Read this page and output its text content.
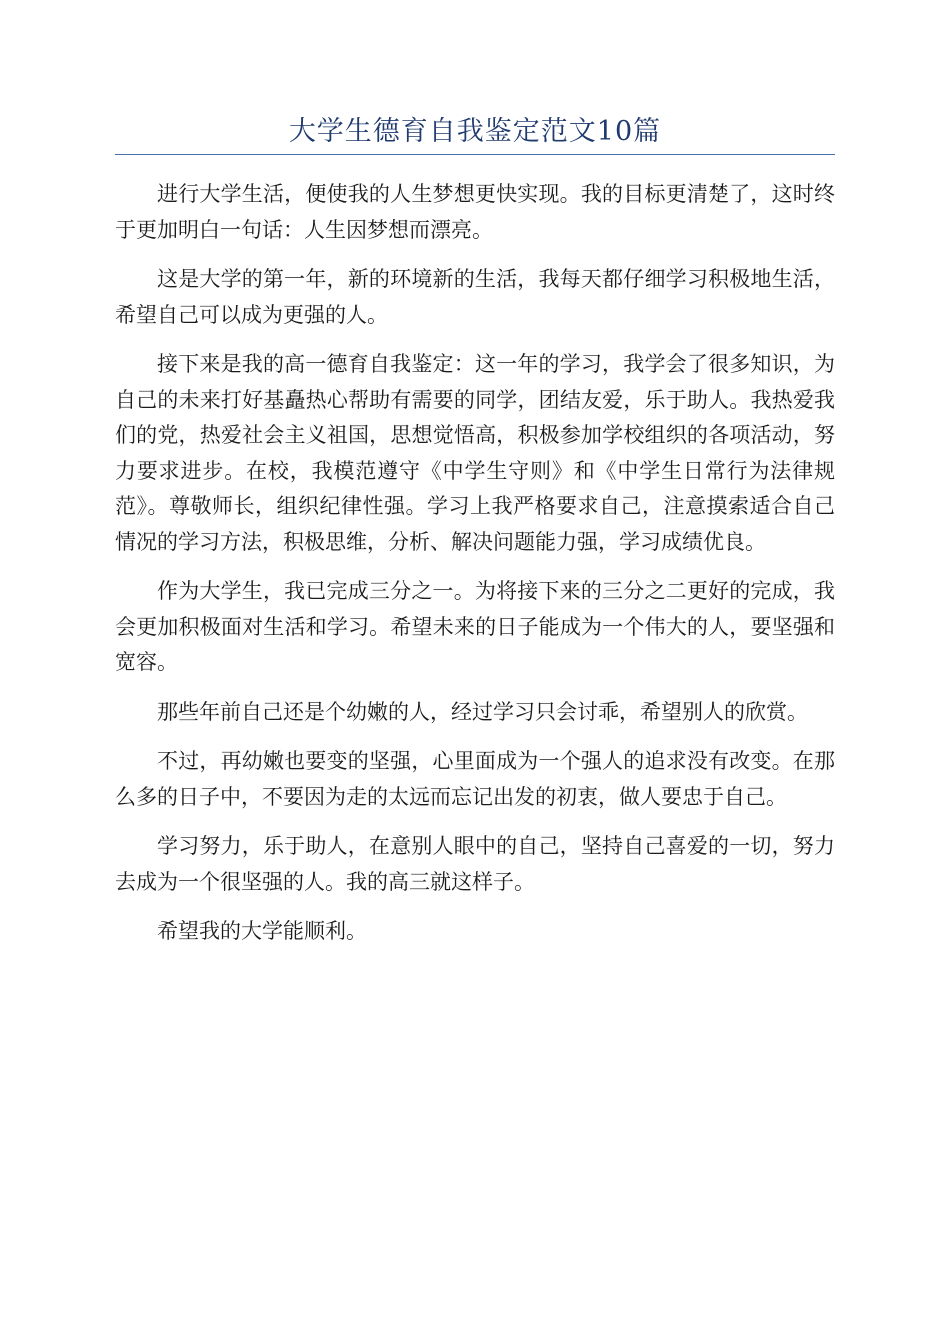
大学生德育自我鉴定范文10篇

进行大学生活，便使我的人生梦想更快实现。我的目标更清楚了，这时终于更加明白一句话：人生因梦想而漂亮。

这是大学的第一年，新的环境新的生活，我每天都仔细学习积极地生活，希望自己可以成为更强的人。

接下来是我的高一德育自我鉴定：这一年的学习，我学会了很多知识，为自己的未来打好基矗热心帮助有需要的同学，团结友爱，乐于助人。我热爱我们的党，热爱社会主义祖国，思想觉悟高，积极参加学校组织的各项活动，努力要求进步。在校，我模范遵守《中学生守则》和《中学生日常行为法律规范》。尊敬师长，组织纪律性强。学习上我严格要求自己，注意摸索适合自己情况的学习方法，积极思维，分析、解决问题能力强，学习成绩优良。

作为大学生，我已完成三分之一。为将接下来的三分之二更好的完成，我会更加积极面对生活和学习。希望未来的日子能成为一个伟大的人，要坚强和宽容。

那些年前自己还是个幼嫩的人，经过学习只会讨乖，希望别人的欣赏。

不过，再幼嫩也要变的坚强，心里面成为一个强人的追求没有改变。在那么多的日子中，不要因为走的太远而忘记出发的初衷，做人要忠于自己。

学习努力，乐于助人，在意别人眼中的自己，坚持自己喜爱的一切，努力去成为一个很坚强的人。我的高三就这样子。

希望我的大学能顺利。
